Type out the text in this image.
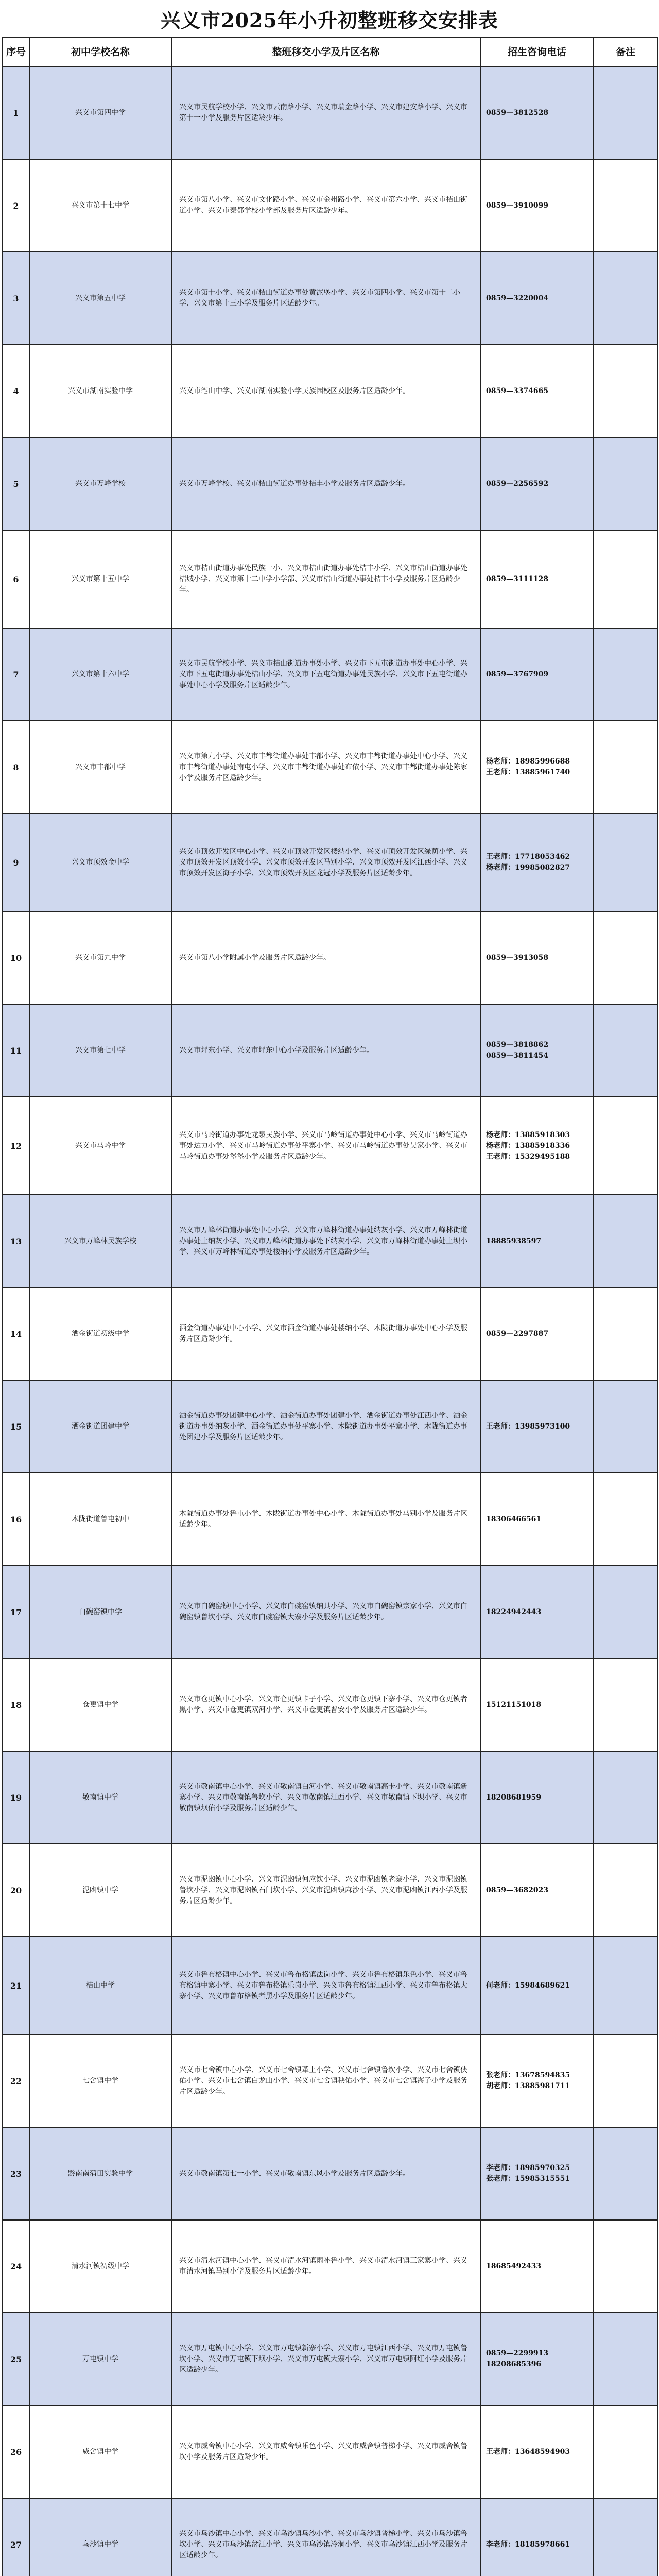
兴义市2025年小升初整班移交安排表
序号	初中学校名称	整班移交小学及片区名称	招生咨询电话	备注
1	兴义市第四中学	兴义市民航学校小学、兴义市云南路小学、兴义市瑞金路小学、兴义市建安路小学、兴义市第十一小学及服务片区适龄少年。	0859—3812528	

2	兴义市第十七中学	兴义市第八小学、兴义市文化路小学、兴义市金州路小学、兴义市第六小学、兴义市桔山街道小学、兴义市泰都学校小学部及服务片区适龄少年。	0859—3910099	

3	兴义市第五中学	兴义市第十小学、兴义市桔山街道办事处黄泥堡小学、兴义市第四小学、兴义市第十二小学、兴义市第十三小学及服务片区适龄少年。	0859—3220004	

4	兴义市湖南实验中学	兴义市笔山中学、兴义市湖南实验小学民族园校区及服务片区适龄少年。	0859—3374665	

5	兴义市万峰学校	兴义市万峰学校、兴义市桔山街道办事处桔丰小学及服务片区适龄少年。	0859—2256592	

6	兴义市第十五中学	兴义市桔山街道办事处民族一小、兴义市桔山街道办事处桔丰小学、兴义市桔山街道办事处桔城小学、兴义市第十二中学小学部、兴义市桔山街道办事处桔丰小学及服务片区适龄少年。	0859—3111128	

7	兴义市第十六中学	兴义市民航学校小学、兴义市桔山街道办事处小学、兴义市下五屯街道办事处中心小学、兴义市下五屯街道办事处桔山小学、兴义市下五屯街道办事处民族小学、兴义市下五屯街道办事处中心小学及服务片区适龄少年。	0859—3767909	

8	兴义市丰都中学	兴义市第九小学、兴义市丰都街道办事处丰都小学、兴义市丰都街道办事处中心小学、兴义市丰都街道办事处南屯小学、兴义市丰都街道办事处布依小学、兴义市丰都街道办事处陈家小学及服务片区适龄少年。	杨老师：18985996688
王老师：13885961740	

9	兴义市顶效金中学	兴义市顶效开发区中心小学、兴义市顶效开发区楼纳小学、兴义市顶效开发区绿荫小学、兴义市顶效开发区顶效小学、兴义市顶效开发区马别小学、兴义市顶效开发区江西小学、兴义市顶效开发区海子小学、兴义市顶效开发区龙冠小学及服务片区适龄少年。	王老师：17718053462
杨老师：19985082827	

10	兴义市第九中学	兴义市第八小学附属小学及服务片区适龄少年。	0859—3913058	

11	兴义市第七中学	兴义市坪东小学、兴义市坪东中心小学及服务片区适龄少年。	0859—3818862
0859—3811454	

12	兴义市马岭中学	兴义市马岭街道办事处龙泉民族小学、兴义市马岭街道办事处中心小学、兴义市马岭街道办事处达力小学、兴义市马岭街道办事处平寨小学、兴义市马岭街道办事处吴家小学、兴义市马岭街道办事处堡堡小学及服务片区适龄少年。	杨老师：13885918303
杨老师：13885918336
王老师：15329495188	

13	兴义市万峰林民族学校	兴义市万峰林街道办事处中心小学、兴义市万峰林街道办事处纳灰小学、兴义市万峰林街道办事处上纳灰小学、兴义市万峰林街道办事处下纳灰小学、兴义市万峰林街道办事处上坝小学、兴义市万峰林街道办事处楼纳小学及服务片区适龄少年。	18885938597	

14	洒金街道初级中学	洒金街道办事处中心小学、兴义市洒金街道办事处楼纳小学、木陇街道办事处中心小学及服务片区适龄少年。	0859—2297887	

15	洒金街道团建中学	洒金街道办事处团建中心小学、洒金街道办事处团建小学、洒金街道办事处江西小学、洒金街道办事处纳灰小学、洒金街道办事处平寨小学、木陇街道办事处平寨小学、木陇街道办事处团建小学及服务片区适龄少年。	王老师：13985973100	

16	木陇街道鲁屯初中	木陇街道办事处鲁屯小学、木陇街道办事处中心小学、木陇街道办事处马别小学及服务片区适龄少年。	18306466561	

17	白碗窑镇中学	兴义市白碗窑镇中心小学、兴义市白碗窑镇纳具小学、兴义市白碗窑镇宗家小学、兴义市白碗窑镇鲁坎小学、兴义市白碗窑镇大寨小学及服务片区适龄少年。	18224942443	

18	仓更镇中学	兴义市仓更镇中心小学、兴义市仓更镇卡子小学、兴义市仓更镇下寨小学、兴义市仓更镇者黑小学、兴义市仓更镇双河小学、兴义市仓更镇普安小学及服务片区适龄少年。	15121151018	

19	敬南镇中学	兴义市敬南镇中心小学、兴义市敬南镇白河小学、兴义市敬南镇高卡小学、兴义市敬南镇新寨小学、兴义市敬南镇鲁坎小学、兴义市敬南镇江西小学、兴义市敬南镇下坝小学、兴义市敬南镇坝佑小学及服务片区适龄少年。	18208681959	

20	泥凼镇中学	兴义市泥凼镇中心小学、兴义市泥凼镇何应钦小学、兴义市泥凼镇老寨小学、兴义市泥凼镇鲁坎小学、兴义市泥凼镇石门坎小学、兴义市泥凼镇麻沙小学、兴义市泥凼镇江西小学及服务片区适龄少年。	0859—3682023	

21	桔山中学	兴义市鲁布格镇中心小学、兴义市鲁布格镇法岗小学、兴义市鲁布格镇乐色小学、兴义市鲁布格镇中寨小学、兴义市鲁布格镇乐岗小学、兴义市鲁布格镇江西小学、兴义市鲁布格镇大寨小学、兴义市鲁布格镇者黑小学及服务片区适龄少年。	何老师：15984689621	

22	七舍镇中学	兴义市七舍镇中心小学、兴义市七舍镇革上小学、兴义市七舍镇鲁坎小学、兴义市七舍镇侠佑小学、兴义市七舍镇白龙山小学、兴义市七舍镇秧佑小学、兴义市七舍镇海子小学及服务片区适龄少年。	张老师：13678594835
胡老师：13885981711	

23	黔南南蒲田实验中学	兴义市敬南镇第七一小学、兴义市敬南镇东风小学及服务片区适龄少年。	李老师：18985970325
张老师：15985315551	

24	清水河镇初级中学	兴义市清水河镇中心小学、兴义市清水河镇雨补鲁小学、兴义市清水河镇三家寨小学、兴义市清水河镇马别小学及服务片区适龄少年。	18685492433	

25	万屯镇中学	兴义市万屯镇中心小学、兴义市万屯镇新寨小学、兴义市万屯镇江西小学、兴义市万屯镇鲁坎小学、兴义市万屯镇下坝小学、兴义市万屯镇大寨小学、兴义市万屯镇阿红小学及服务片区适龄少年。	0859—2299913
18208685396	

26	威舍镇中学	兴义市威舍镇中心小学、兴义市威舍镇乐色小学、兴义市威舍镇普梯小学、兴义市威舍镇鲁坎小学及服务片区适龄少年。	王老师：13648594903	

27	乌沙镇中学	兴义市乌沙镇中心小学、兴义市乌沙镇乌沙小学、兴义市乌沙镇普梯小学、兴义市乌沙镇鲁坎小学、兴义市乌沙镇岔江小学、兴义市乌沙镇冷洞小学、兴义市乌沙镇江西小学及服务片区适龄少年。	李老师：18185978661	
